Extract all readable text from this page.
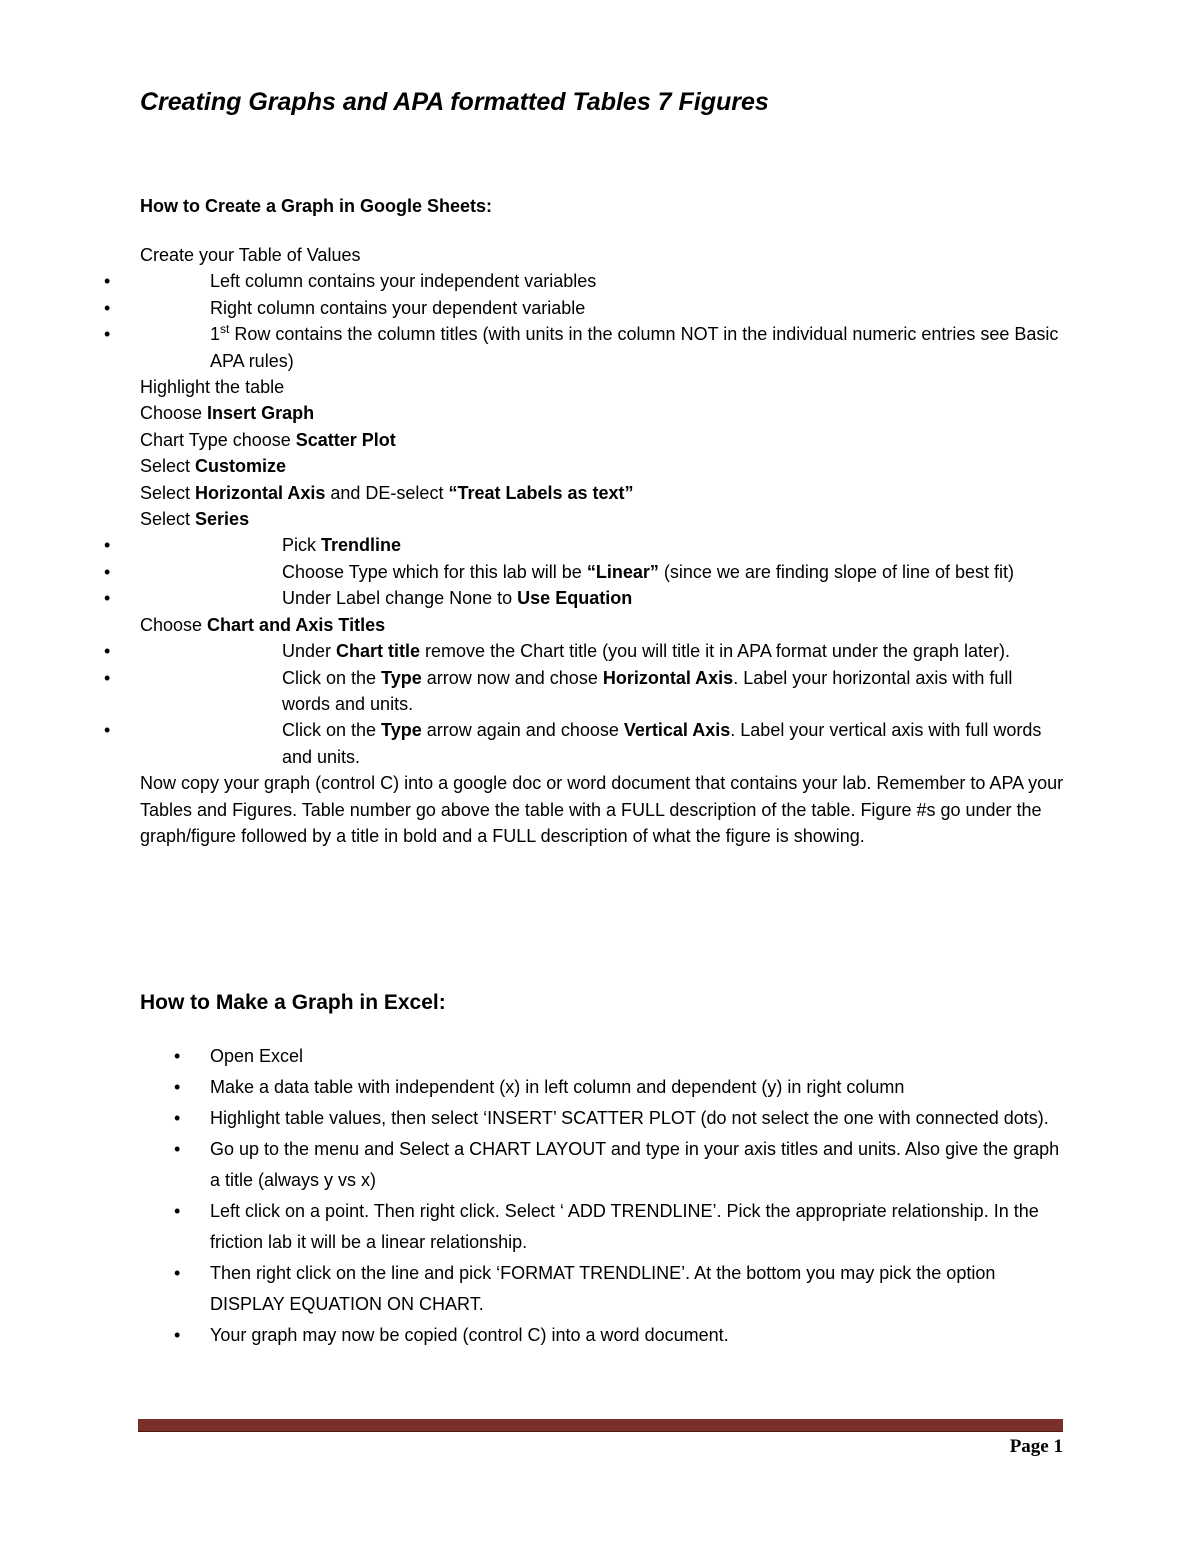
Creating Graphs and APA formatted Tables 7 Figures
How to Create a Graph in Google Sheets:

Create your Table of Values

• Left column contains your independent variables
• Right column contains your dependent variable
• 1st Row contains the column titles (with units in the column NOT in the individual numeric entries see Basic APA rules)

Highlight the table

Choose Insert Graph

Chart Type choose Scatter Plot

Select Customize

Select Horizontal Axis and DE-select “Treat Labels as text”

Select Series

• Pick Trendline
• Choose Type which for this lab will be “Linear” (since we are finding slope of line of best fit)
• Under Label change None to Use Equation

Choose Chart and Axis Titles

• Under Chart title remove the Chart title (you will title it in APA format under the graph later).
• Click on the Type arrow now and chose Horizontal Axis. Label your horizontal axis with full words and units.
• Click on the Type arrow again and choose Vertical Axis. Label your vertical axis with full words and units.

Now copy your graph (control C) into a google doc or word document that contains your lab. Remember to APA your Tables and Figures. Table number go above the table with a FULL description of the table. Figure #s go under the graph/figure followed by a title in bold and a FULL description of what the figure is showing.

How to Make a Graph in Excel:
• Open Excel
• Make a data table with independent (x) in left column and dependent (y) in right column
• Highlight table values, then select ‘INSERT’ SCATTER PLOT (do not select the one with connected dots).
• Go up to the menu and Select a CHART LAYOUT and type in your axis titles and units. Also give the graph a title (always y vs x)
• Left click on a point. Then right click. Select ‘ ADD TRENDLINE’. Pick the appropriate relationship. In the friction lab it will be a linear relationship.
• Then right click on the line and pick ‘FORMAT TRENDLINE’. At the bottom you may pick the option DISPLAY EQUATION ON CHART.
• Your graph may now be copied (control C) into a word document.
Page 1
